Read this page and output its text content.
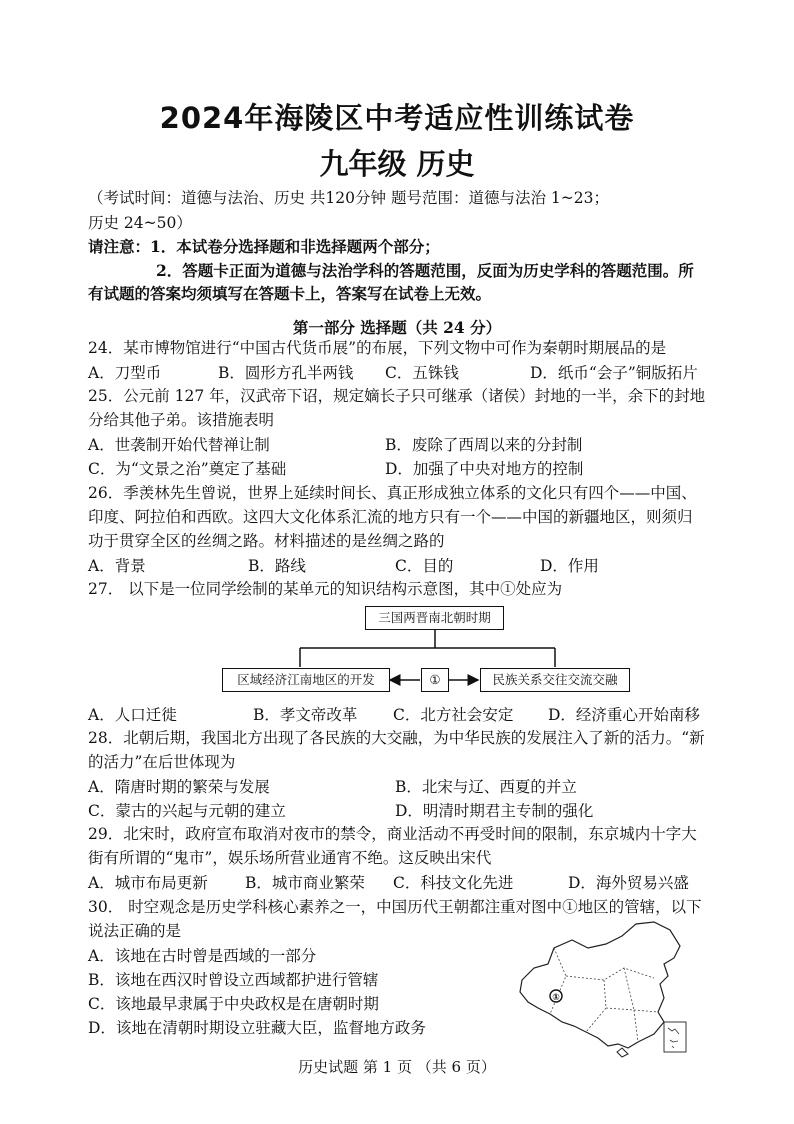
2024年海陵区中考适应性训练试卷
九年级 历史
（考试时间：道德与法治、历史 共120分钟 题号范围：道德与法治 1~23；
历史 24~50）
请注意：1．本试卷分选择题和非选择题两个部分；
2．答题卡正面为道德与法治学科的答题范围，反面为历史学科的答题范围。所
有试题的答案均须填写在答题卡上，答案写在试卷上无效。
第一部分 选择题（共 24 分）
24．某市博物馆进行“中国古代货币展”的布展，下列文物中可作为秦朝时期展品的是
A．刀型币	B．圆形方孔半两钱 C．五铢钱	D．纸币“会子”铜版拓片
25．公元前 127 年，汉武帝下诏，规定嫡长子只可继承（诸侯）封地的一半，余下的封地
分给其他子弟。该措施表明
A．世袭制开始代替禅让制	B．废除了西周以来的分封制
C．为“文景之治”奠定了基础	D．加强了中央对地方的控制
26．季羡林先生曾说，世界上延续时间长、真正形成独立体系的文化只有四个——中国、
印度、阿拉伯和西欧。这四大文化体系汇流的地方只有一个——中国的新疆地区，则须归
功于贯穿全区的丝绸之路。材料描述的是丝绸之路的
A．背景	B．路线	C．目的	D．作用
27． 以下是一位同学绘制的某单元的知识结构示意图，其中①处应为
三国两晋南北朝时期
区域经济江南地区的开发	①	民族关系交往交流交融
A．人口迁徙	B．孝文帝改革 C．北方社会安定 D．经济重心开始南移
28．北朝后期，我国北方出现了各民族的大交融，为中华民族的发展注入了新的活力。“新
的活力”在后世体现为
A．隋唐时期的繁荣与发展	B．北宋与辽、西夏的并立
C．蒙古的兴起与元朝的建立	D．明清时期君主专制的强化
29．北宋时，政府宣布取消对夜市的禁令，商业活动不再受时间的限制，东京城内十字大
街有所谓的“鬼市”，娱乐场所营业通宵不绝。这反映出宋代
A．城市布局更新 B．城市商业繁荣 C．科技文化先进	D．海外贸易兴盛
30． 时空观念是历史学科核心素养之一，中国历代王朝都注重对图中①地区的管辖，以下
说法正确的是
A．该地在古时曾是西域的一部分
B．该地在西汉时曾设立西域都护进行管辖
C．该地最早隶属于中央政权是在唐朝时期
D．该地在清朝时期设立驻藏大臣，监督地方政务
①
历史试题 第 1 页 （共 6 页）
